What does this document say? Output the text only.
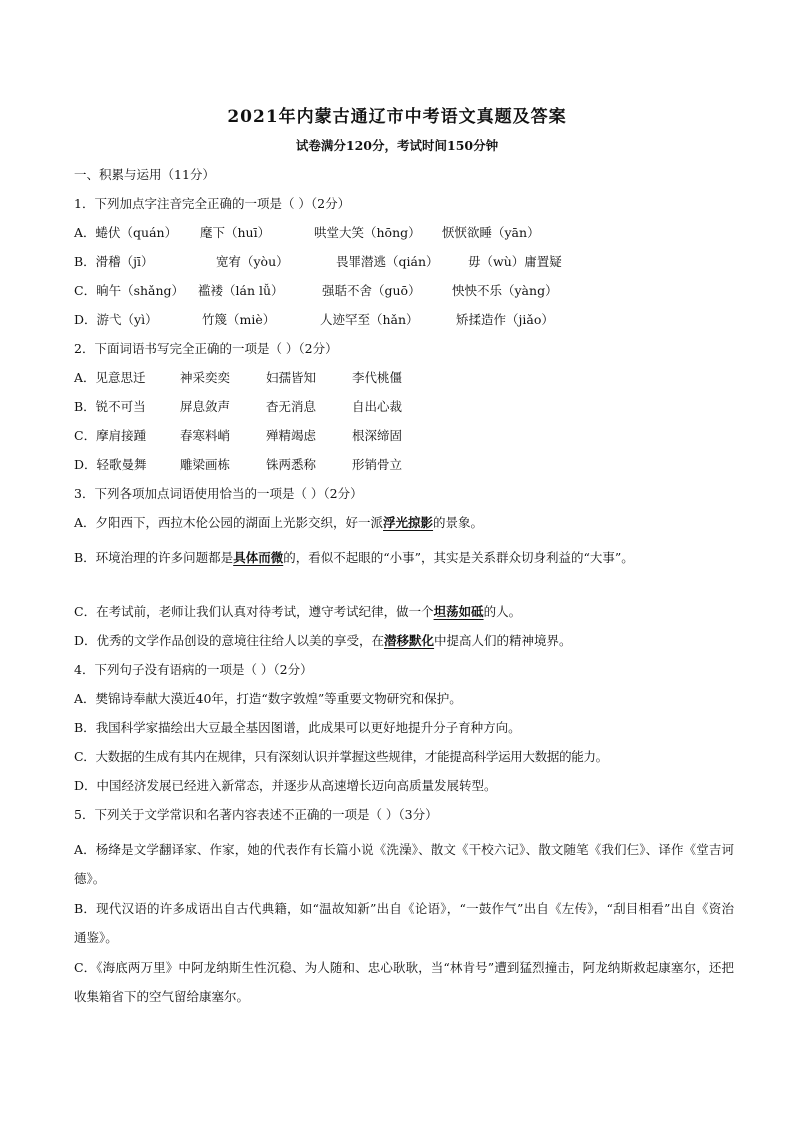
2021年内蒙古通辽市中考语文真题及答案
试卷满分120分，考试时间150分钟
一、积累与运用（11分）
1．下列加点字注音完全正确的一项是（ ）（2分）
A．蜷伏（quán）	麾下（huī）	哄堂大笑（hōng）	恹恹欲睡（yān）
B．滑稽（jī）	宽宥（yòu）	畏罪潜逃（qián）	毋（wù）庸置疑
C．晌午（shǎng）	褴褛（lán lǚ）	强聒不舍（guō）	怏怏不乐（yàng）
D．游弋（yì）	竹篾（miè）	人迹罕至（hǎn）	矫揉造作（jiǎo）
2．下面词语书写完全正确的一项是（ ）（2分）
A．见意思迁	神采奕奕	妇孺皆知	李代桃僵
B．锐不可当	屏息敛声	杳无消息	自出心裁
C．摩肩接踵	春寒料峭	殚精竭虑	根深缔固
D．轻歌曼舞	雕梁画栋	铢两悉称	形销骨立
3．下列各项加点词语使用恰当的一项是（ ）（2分）
A．夕阳西下，西拉木伦公园的湖面上光影交织，好一派浮光掠影的景象。
B．环境治理的许多问题都是具体而微的，看似不起眼的“小事”，其实是关系群众切身利益的“大事”。
C．在考试前，老师让我们认真对待考试，遵守考试纪律，做一个坦荡如砥的人。
D．优秀的文学作品创设的意境往往给人以美的享受，在潜移默化中提高人们的精神境界。
4．下列句子没有语病的一项是（ ）（2分）
A．樊锦诗奉献大漠近40年，打造“数字敦煌”等重要文物研究和保护。
B．我国科学家描绘出大豆最全基因图谱，此成果可以更好地提升分子育种方向。
C．大数据的生成有其内在规律，只有深刻认识并掌握这些规律，才能提高科学运用大数据的能力。
D．中国经济发展已经进入新常态，并逐步从高速增长迈向高质量发展转型。
5．下列关于文学常识和名著内容表述不正确的一项是（ ）（3分）
A．杨绛是文学翻译家、作家，她的代表作有长篇小说《洗澡》、散文《干校六记》、散文随笔《我们仨》、译作《堂吉诃德》。
B．现代汉语的许多成语出自古代典籍，如“温故知新”出自《论语》，“一鼓作气”出自《左传》，“刮目相看”出自《资治通鉴》。
C．《海底两万里》中阿龙纳斯生性沉稳、为人随和、忠心耿耿，当“林肯号”遭到猛烈撞击，阿龙纳斯救起康塞尔，还把收集箱省下的空气留给康塞尔。
